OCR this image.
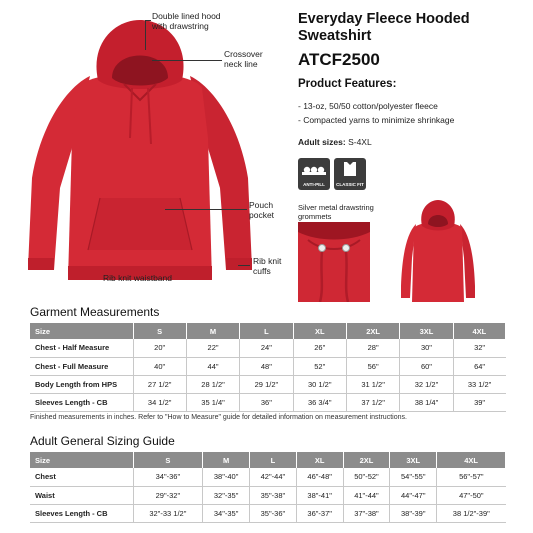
Double lined hood
with drawstring
Crossover
neck line
Pouch
pocket
Rib knit
cuffs
Rib knit waistband
Everyday Fleece Hooded Sweatshirt
ATCF2500
Product Features:
- 13-oz, 50/50 cotton/polyester fleece
- Compacted yarns to minimize shrinkage
Adult sizes: S-4XL
ANTI-PILL	CLASSIC FIT
Silver metal drawstring grommets
Garment Measurements
Size	S	M	L	XL	2XL	3XL	4XL
Chest - Half Measure	20"	22"	24"	26"	28"	30"	32"
Chest - Full Measure	40"	44"	48"	52"	56"	60"	64"
Body Length from HPS	27 1/2"	28 1/2"	29 1/2"	30 1/2"	31 1/2"	32 1/2"	33 1/2"
Sleeves Length - CB	34 1/2"	35 1/4"	36"	36 3/4"	37 1/2"	38 1/4"	39"
Finished measurements in inches. Refer to "How to Measure" guide for detailed information on measurement instructions.
Adult General Sizing Guide
Size	S	M	L	XL	2XL	3XL	4XL
Chest	34"-36"	38"-40"	42"-44"	46"-48"	50"-52"	54"-55"	56"-57"
Waist	29"-32"	32"-35"	35"-38"	38"-41"	41"-44"	44"-47"	47"-50"
Sleeves Length - CB	32"-33 1/2"	34"-35"	35"-36"	36"-37"	37"-38"	38"-39"	38 1/2"-39"
